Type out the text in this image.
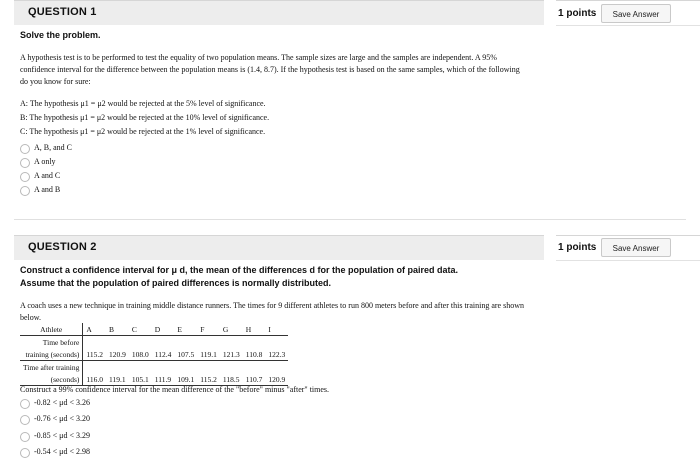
QUESTION 1	1 points	Save Answer
Solve the problem.
A hypothesis test is to be performed to test the equality of two population means. The sample sizes are large and the samples are independent. A 95% confidence interval for the difference between the population means is (1.4, 8.7). If the hypothesis test is based on the same samples, which of the following do you know for sure:
A: The hypothesis μ1 = μ2 would be rejected at the 5% level of significance.
B: The hypothesis μ1 = μ2 would be rejected at the 10% level of significance.
C: The hypothesis μ1 = μ2 would be rejected at the 1% level of significance.
A, B, and C
A only
A and C
A and B
QUESTION 2	1 points	Save Answer
Construct a confidence interval for μ d, the mean of the differences d for the population of paired data.
Assume that the population of paired differences is normally distributed.
A coach uses a new technique in training middle distance runners. The times for 9 different athletes to run 800 meters before and after this training are shown below.
Athlete	A	B	C	D	E	F	G	H	I
Time before									
training (seconds)	115.2	120.9	108.0	112.4	107.5	119.1	121.3	110.8	122.3
Time after training									
(seconds)	116.0	119.1	105.1	111.9	109.1	115.2	118.5	110.7	120.9
Construct a 99% confidence interval for the mean difference of the "before" minus "after" times.
-0.82 < μd < 3.26
-0.76 < μd < 3.20
-0.85 < μd < 3.29
-0.54 < μd < 2.98
